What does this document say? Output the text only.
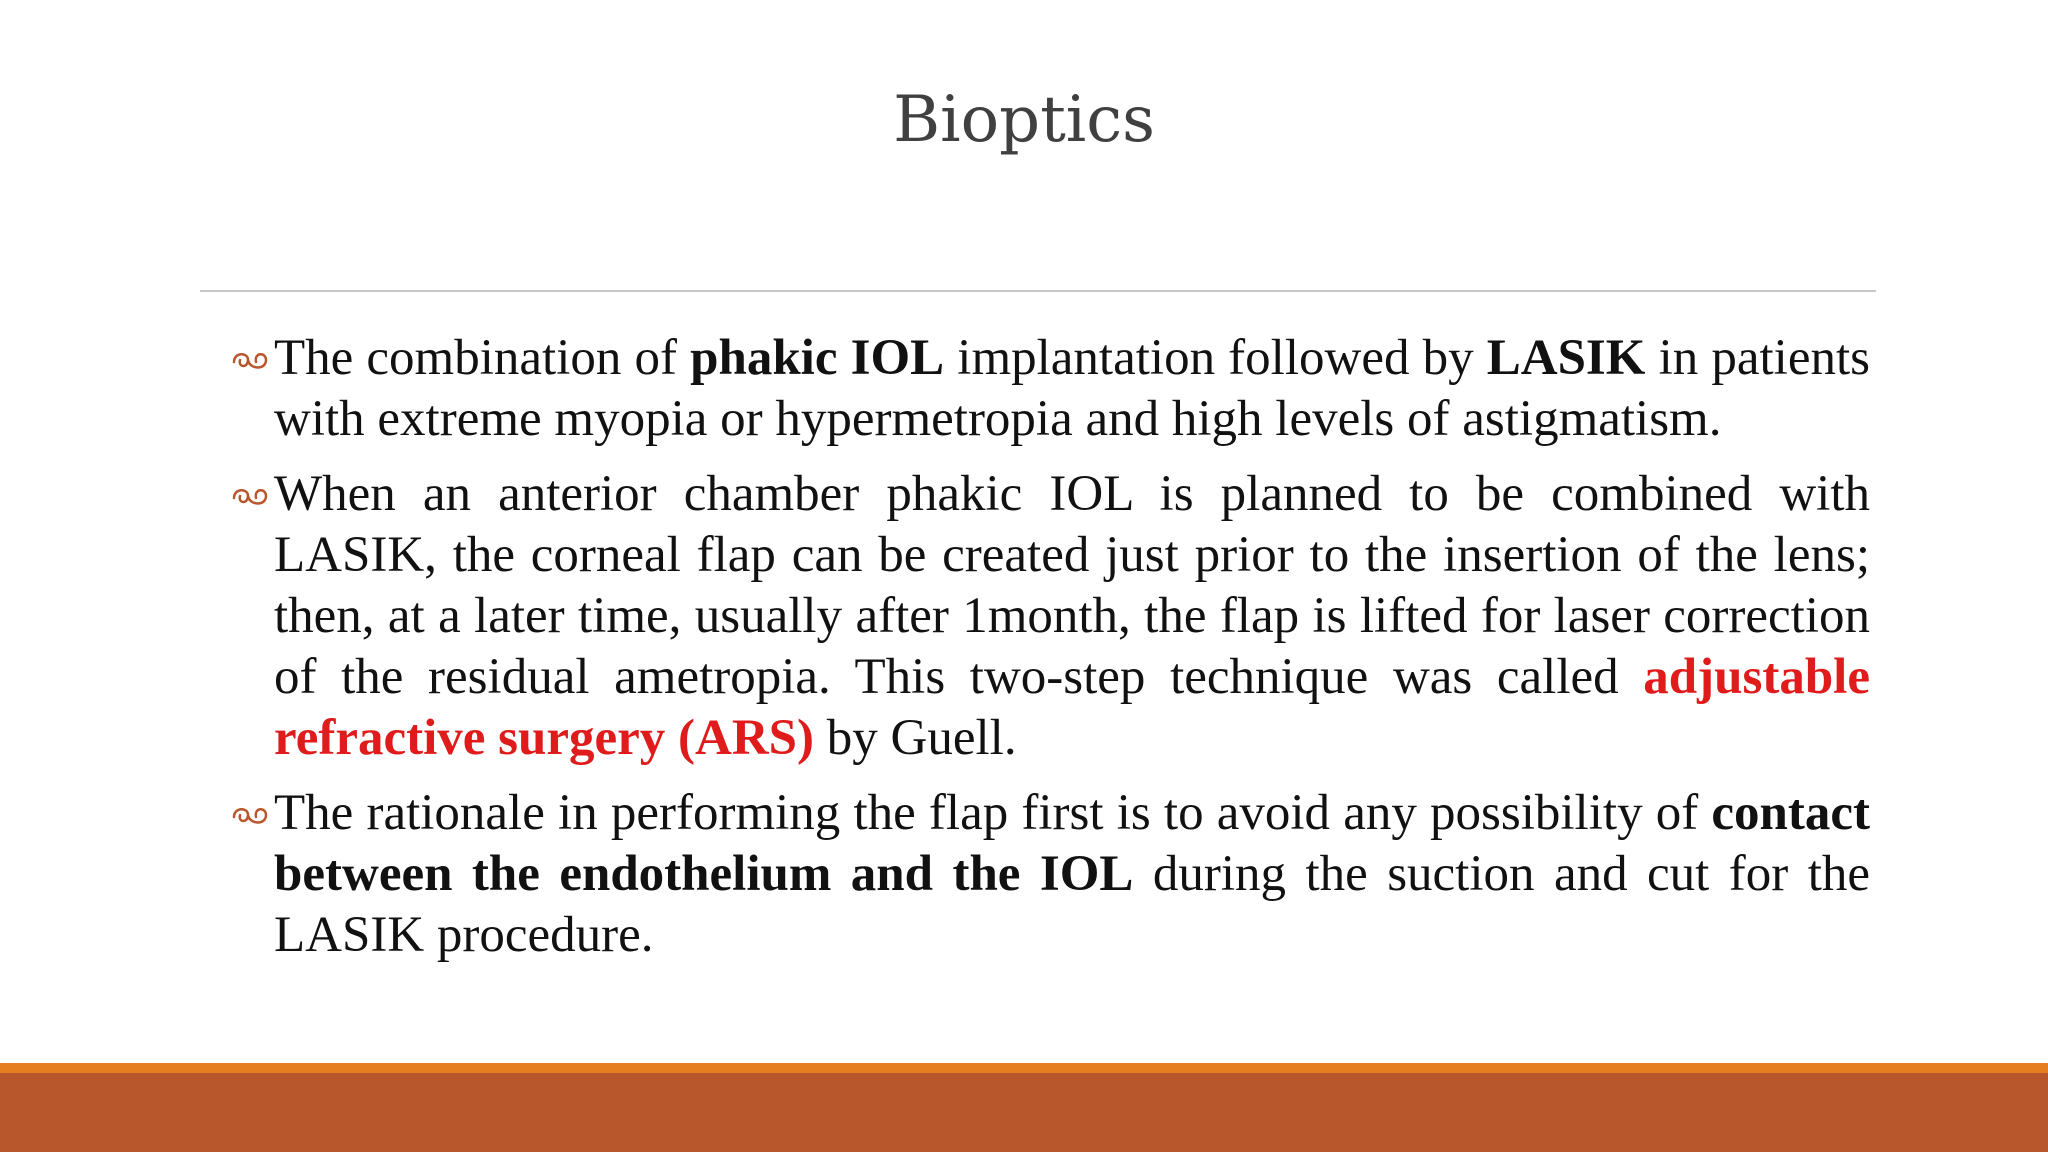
Bioptics
The combination of phakic IOL implantation followed by LASIK in patients with extreme myopia or hypermetropia and high levels of astigmatism.
When an anterior chamber phakic IOL is planned to be combined with LASIK, the corneal flap can be created just prior to the insertion of the lens; then, at a later time, usually after 1month, the flap is lifted for laser correction of the residual ametropia. This two-step technique was called adjustable refractive surgery (ARS) by Guell.
The rationale in performing the flap first is to avoid any possibility of contact between the endothelium and the IOL during the suction and cut for the LASIK procedure.
